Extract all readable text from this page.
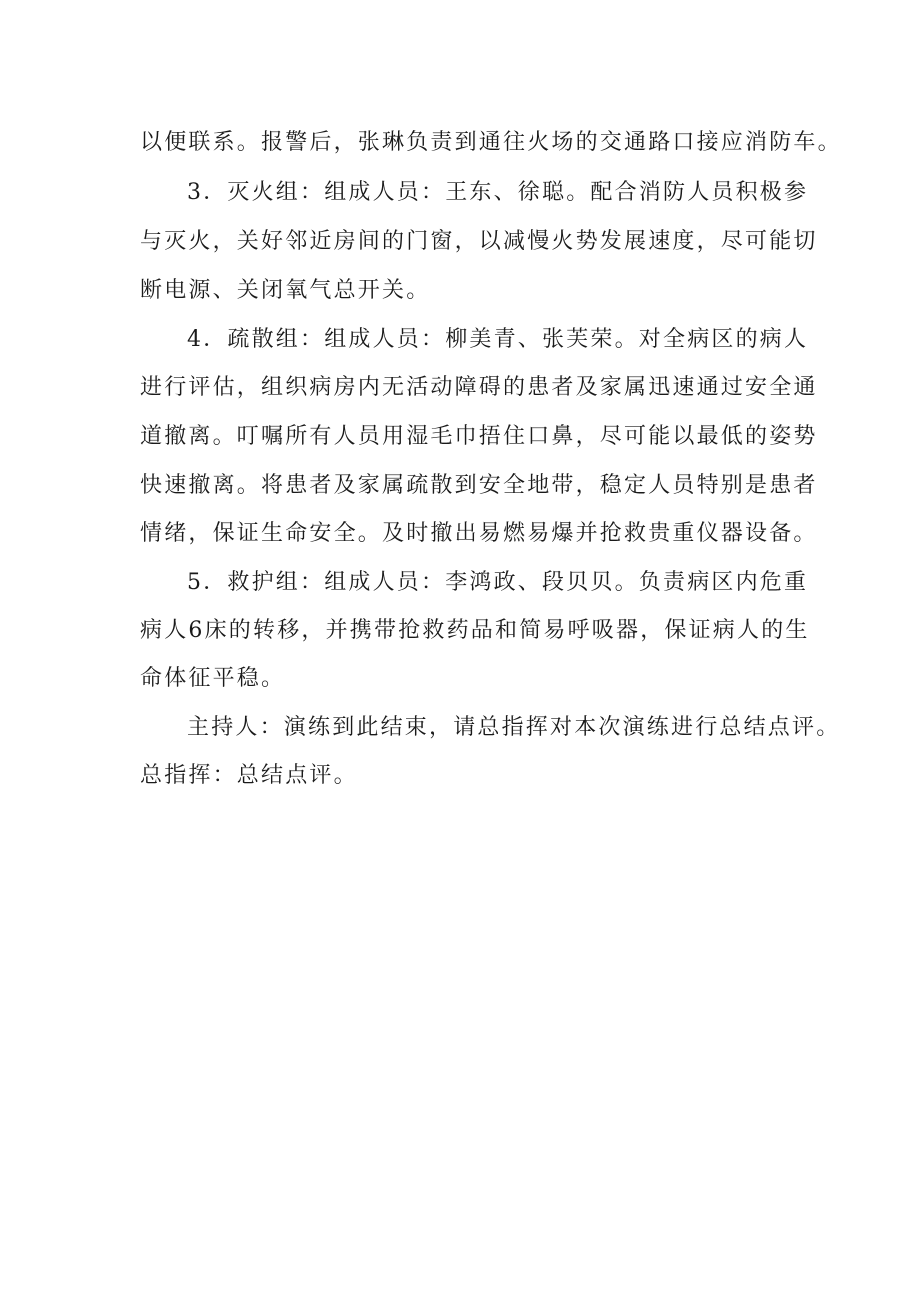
以便联系。报警后，张琳负责到通往火场的交通路口接应消防车。
3．灭火组：组成人员：王东、徐聪。配合消防人员积极参
与灭火，关好邻近房间的门窗，以减慢火势发展速度，尽可能切
断电源、关闭氧气总开关。
4．疏散组：组成人员：柳美青、张芙荣。对全病区的病人
进行评估，组织病房内无活动障碍的患者及家属迅速通过安全通
道撤离。叮嘱所有人员用湿毛巾捂住口鼻，尽可能以最低的姿势
快速撤离。将患者及家属疏散到安全地带，稳定人员特别是患者
情绪，保证生命安全。及时撤出易燃易爆并抢救贵重仪器设备。
5．救护组：组成人员：李鸿政、段贝贝。负责病区内危重
病人6床的转移，并携带抢救药品和简易呼吸器，保证病人的生
命体征平稳。
主持人：演练到此结束，请总指挥对本次演练进行总结点评。
总指挥：总结点评。
